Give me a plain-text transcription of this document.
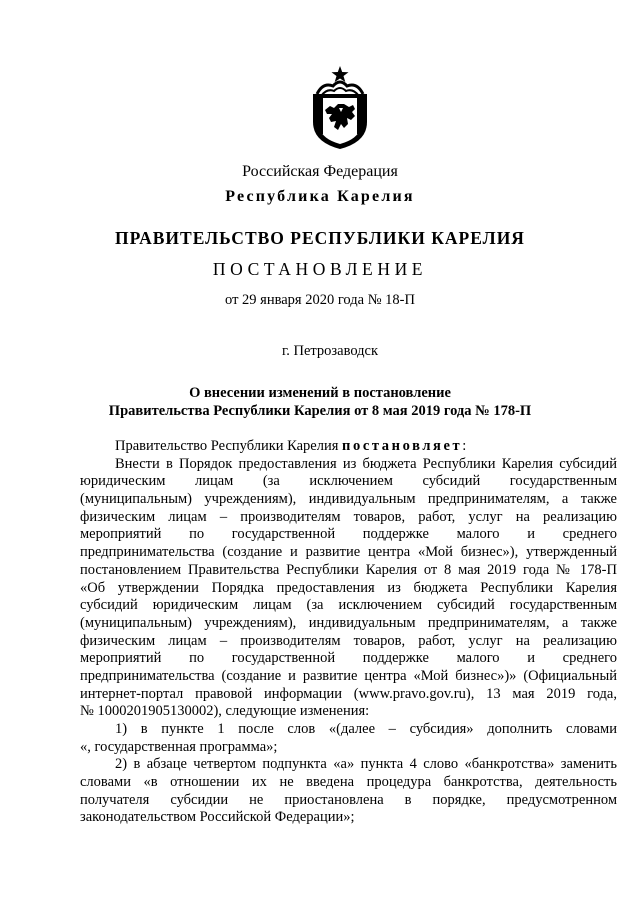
Российская Федерация
Республика Карелия
ПРАВИТЕЛЬСТВО РЕСПУБЛИКИ КАРЕЛИЯ
ПОСТАНОВЛЕНИЕ
от 29 января 2020 года № 18-П
г. Петрозаводск
О внесении изменений в постановление
Правительства Республики Карелия от 8 мая 2019 года № 178-П
Правительство Республики Карелия постановляет:
Внести в Порядок предоставления из бюджета Республики Карелия субсидий
юридическим лицам (за исключением субсидий государственным
(муниципальным) учреждениям), индивидуальным предпринимателям, а также
физическим лицам – производителям товаров, работ, услуг на реализацию
мероприятий по государственной поддержке малого и среднего
предпринимательства (создание и развитие центра «Мой бизнес»), утвержденный
постановлением Правительства Республики Карелия от 8 мая 2019 года № 178-П
«Об утверждении Порядка предоставления из бюджета Республики Карелия
субсидий юридическим лицам (за исключением субсидий государственным
(муниципальным) учреждениям), индивидуальным предпринимателям, а также
физическим лицам – производителям товаров, работ, услуг на реализацию
мероприятий по государственной поддержке малого и среднего
предпринимательства (создание и развитие центра «Мой бизнес»)» (Официальный
интернет-портал правовой информации (www.pravo.gov.ru), 13 мая 2019 года,
№ 1000201905130002), следующие изменения:
1) в пункте 1 после слов «(далее – субсидия» дополнить словами
«, государственная программа»;
2) в абзаце четвертом подпункта «а» пункта 4 слово «банкротства» заменить
словами «в отношении их не введена процедура банкротства, деятельность
получателя субсидии не приостановлена в порядке, предусмотренном
законодательством Российской Федерации»;
